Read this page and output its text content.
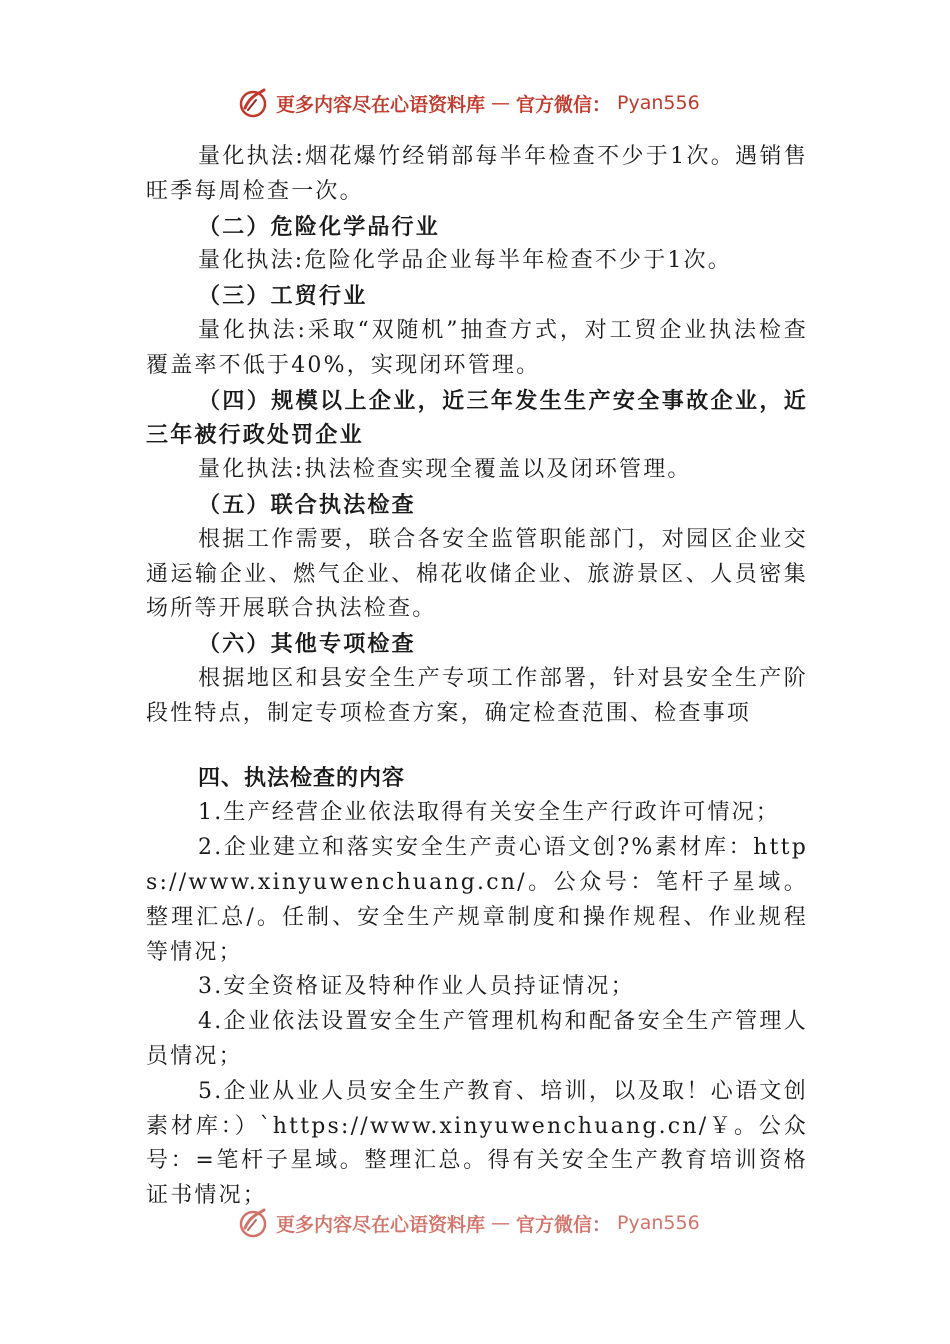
更多内容尽在心语资料库 — 官方微信： Pyan556

量化执法:烟花爆竹经销部每半年检查不少于1次。遇销售旺季每周检查一次。

（二）危险化学品行业

量化执法:危险化学品企业每半年检查不少于1次。

（三）工贸行业

量化执法:采取“双随机”抽查方式，对工贸企业执法检查覆盖率不低于40%，实现闭环管理。

（四）规模以上企业，近三年发生生产安全事故企业，近三年被行政处罚企业

量化执法:执法检查实现全覆盖以及闭环管理。

（五）联合执法检查

根据工作需要，联合各安全监管职能部门，对园区企业交通运输企业、燃气企业、棉花收储企业、旅游景区、人员密集场所等开展联合执法检查。

（六）其他专项检查

根据地区和县安全生产专项工作部署，针对县安全生产阶段性特点，制定专项检查方案，确定检查范围、检查事项

四、执法检查的内容

1.生产经营企业依法取得有关安全生产行政许可情况；

2.企业建立和落实安全生产责心语文创?%素材库：https://www.xinyuwenchuang.cn/。公众号：笔杆子星域。整理汇总/。任制、安全生产规章制度和操作规程、作业规程等情况；

3.安全资格证及特种作业人员持证情况；

4.企业依法设置安全生产管理机构和配备安全生产管理人员情况；

5.企业从业人员安全生产教育、培训，以及取！心语文创素材库：）`https://www.xinyuwenchuang.cn/￥。公众号：=笔杆子星域。整理汇总。得有关安全生产教育培训资格证书情况；

更多内容尽在心语资料库 — 官方微信： Pyan556
